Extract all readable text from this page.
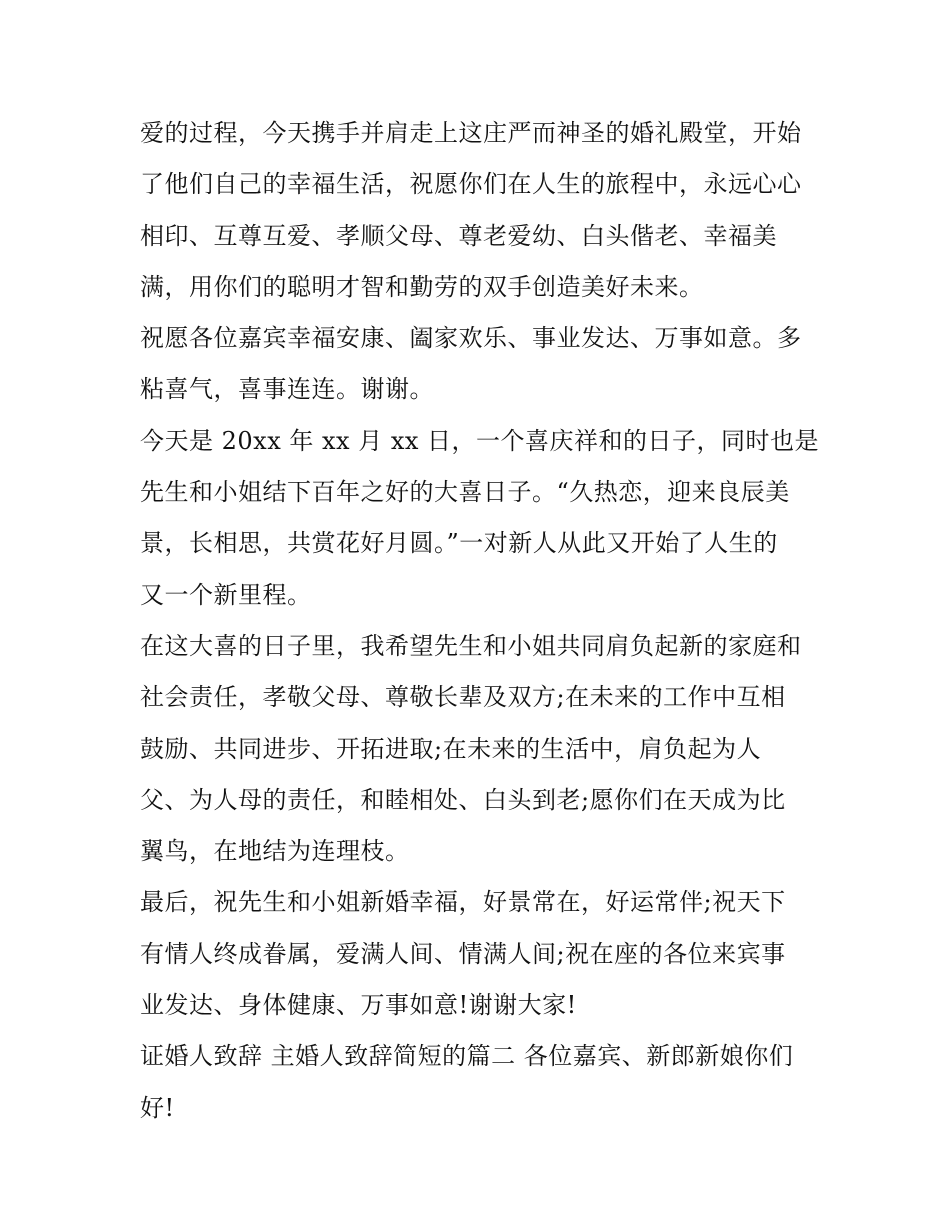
爱的过程，今天携手并肩走上这庄严而神圣的婚礼殿堂，开始
了他们自己的幸福生活，祝愿你们在人生的旅程中，永远心心
相印、互尊互爱、孝顺父母、尊老爱幼、白头偕老、幸福美
满，用你们的聪明才智和勤劳的双手创造美好未来。
祝愿各位嘉宾幸福安康、阖家欢乐、事业发达、万事如意。多
粘喜气，喜事连连。谢谢。
今天是 20xx 年 xx 月 xx 日，一个喜庆祥和的日子，同时也是
先生和小姐结下百年之好的大喜日子。“久热恋，迎来良辰美
景，长相思，共赏花好月圆。”一对新人从此又开始了人生的
又一个新里程。
在这大喜的日子里，我希望先生和小姐共同肩负起新的家庭和
社会责任，孝敬父母、尊敬长辈及双方;在未来的工作中互相
鼓励、共同进步、开拓进取;在未来的生活中，肩负起为人
父、为人母的责任，和睦相处、白头到老;愿你们在天成为比
翼鸟，在地结为连理枝。
最后，祝先生和小姐新婚幸福，好景常在，好运常伴;祝天下
有情人终成眷属，爱满人间、情满人间;祝在座的各位来宾事
业发达、身体健康、万事如意!谢谢大家!
证婚人致辞 主婚人致辞简短的篇二 各位嘉宾、新郎新娘你们
好!
